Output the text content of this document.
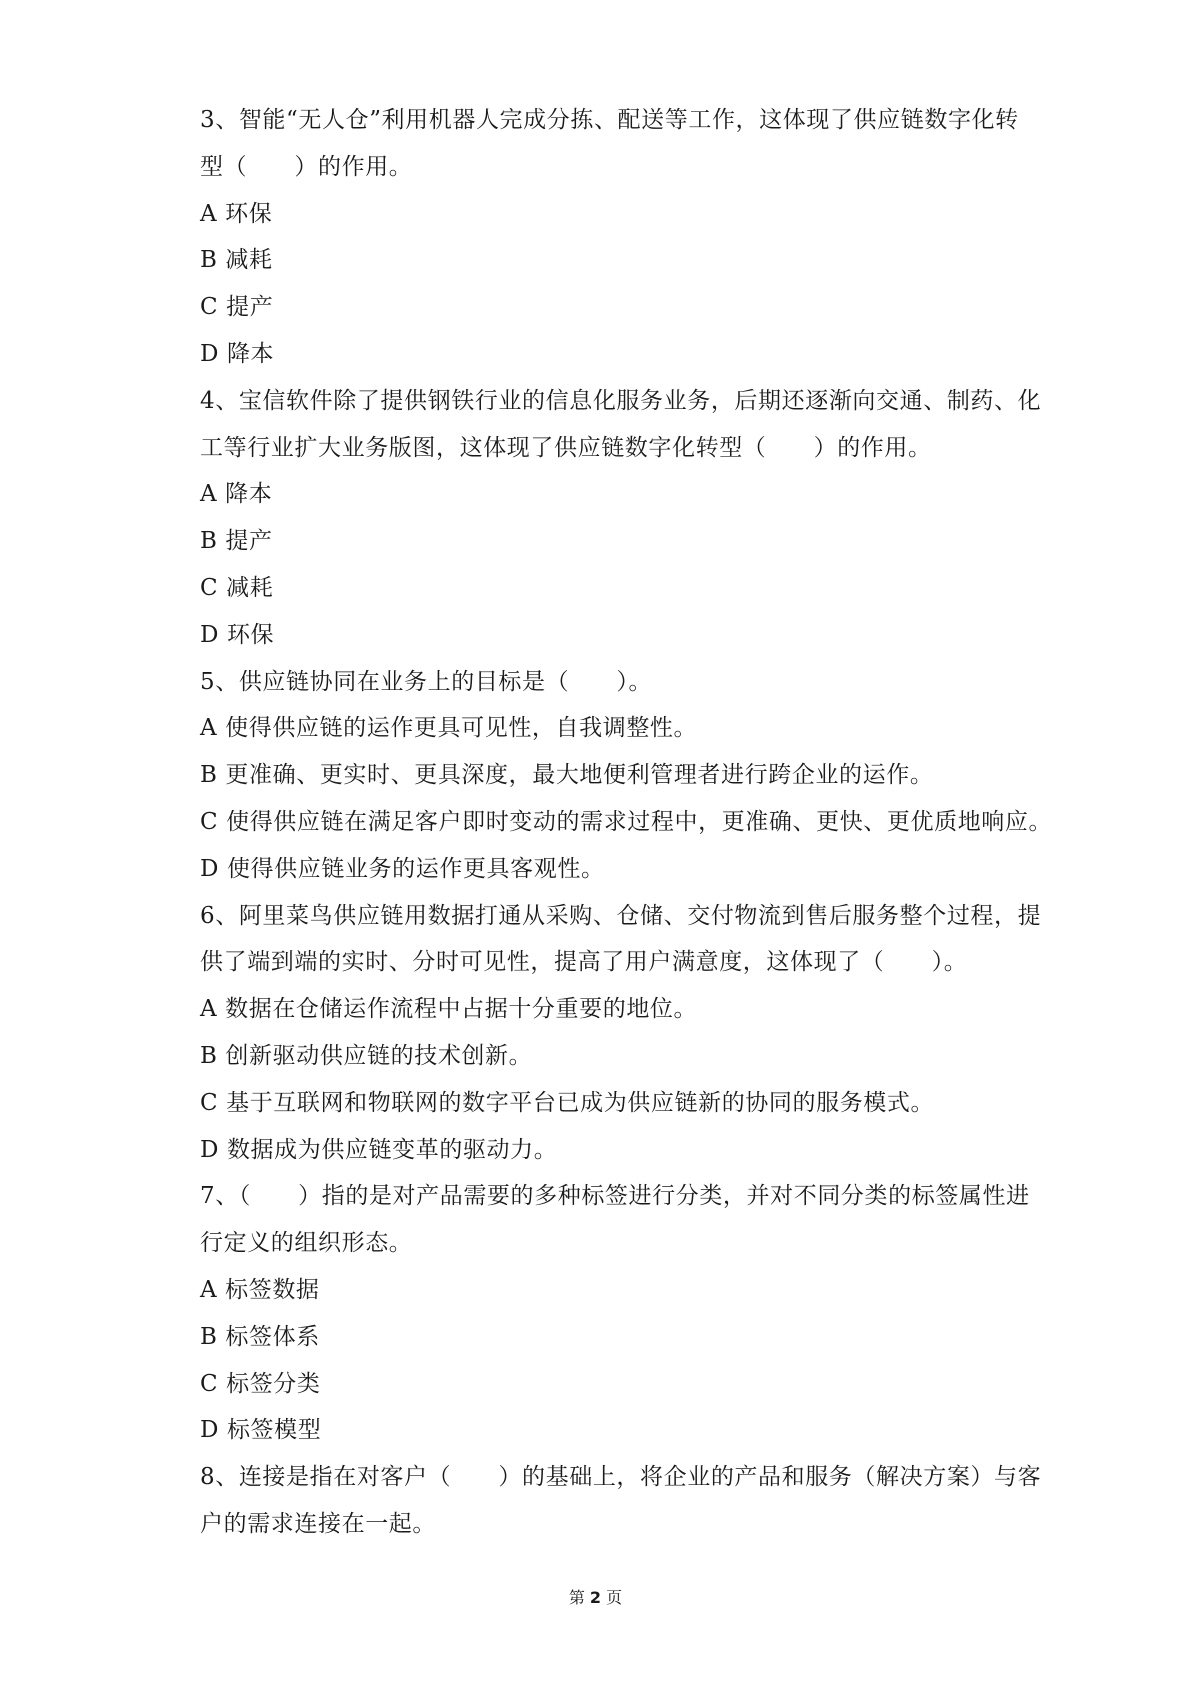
3、智能“无人仓”利用机器人完成分拣、配送等工作，这体现了供应链数字化转
型（　　）的作用。
A 环保
B 减耗
C 提产
D 降本
4、宝信软件除了提供钢铁行业的信息化服务业务，后期还逐渐向交通、制药、化
工等行业扩大业务版图，这体现了供应链数字化转型（　　）的作用。
A 降本
B 提产
C 减耗
D 环保
5、供应链协同在业务上的目标是（　　）。
A 使得供应链的运作更具可见性，自我调整性。
B 更准确、更实时、更具深度，最大地便利管理者进行跨企业的运作。
C 使得供应链在满足客户即时变动的需求过程中，更准确、更快、更优质地响应。
D 使得供应链业务的运作更具客观性。
6、阿里菜鸟供应链用数据打通从采购、仓储、交付物流到售后服务整个过程，提
供了端到端的实时、分时可见性，提高了用户满意度，这体现了（　　）。
A 数据在仓储运作流程中占据十分重要的地位。
B 创新驱动供应链的技术创新。
C 基于互联网和物联网的数字平台已成为供应链新的协同的服务模式。
D 数据成为供应链变革的驱动力。
7、（　　）指的是对产品需要的多种标签进行分类，并对不同分类的标签属性进
行定义的组织形态。
A 标签数据
B 标签体系
C 标签分类
D 标签模型
8、连接是指在对客户（　　）的基础上，将企业的产品和服务（解决方案）与客
户的需求连接在一起。
第 2 页
